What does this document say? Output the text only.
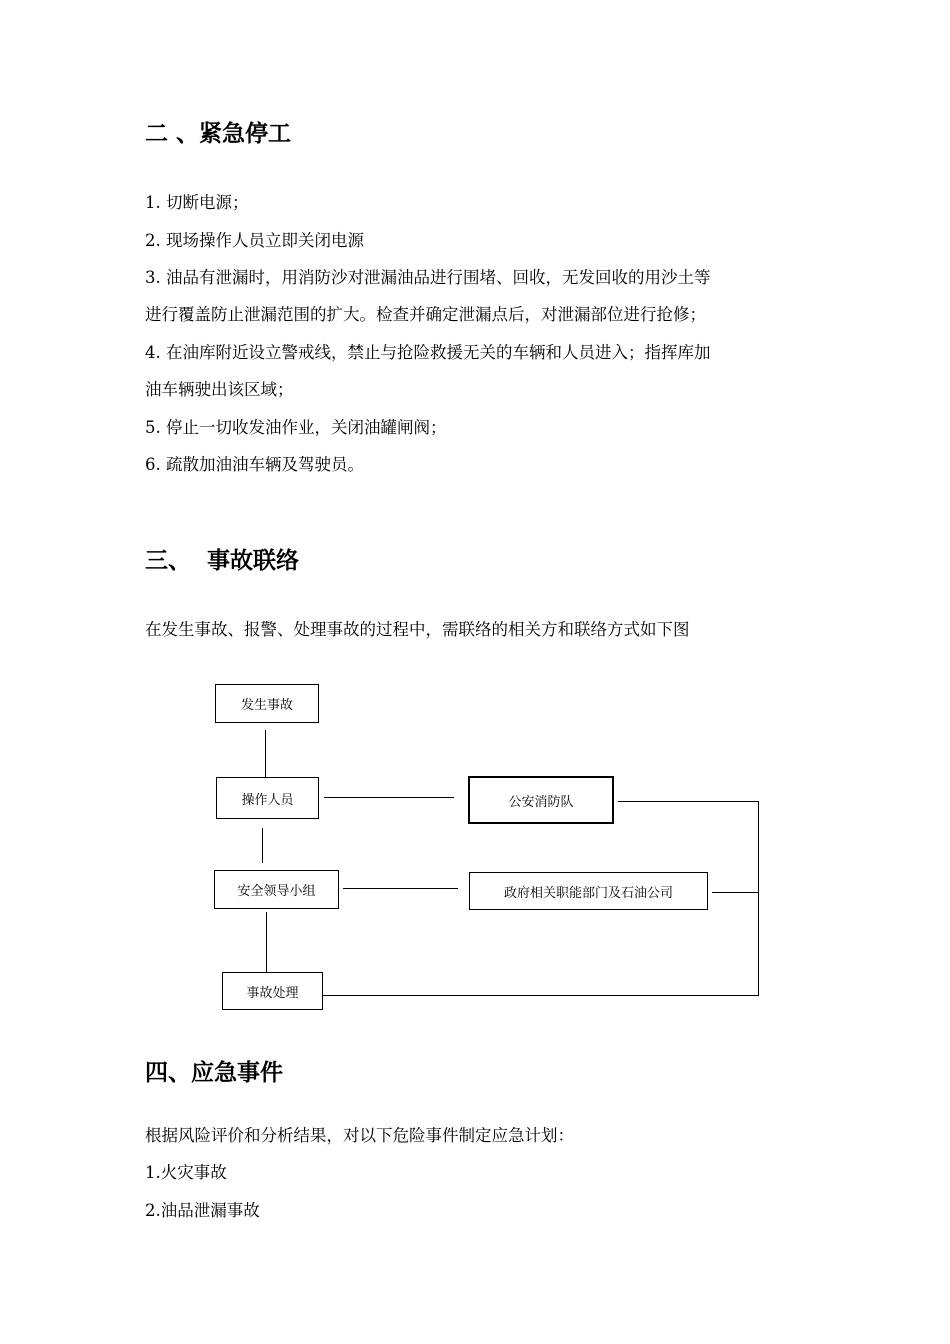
二 、紧急停工

1. 切断电源；

2. 现场操作人员立即关闭电源

3. 油品有泄漏时，用消防沙对泄漏油品进行围堵、回收，无发回收的用沙土等

进行覆盖防止泄漏范围的扩大。检查并确定泄漏点后，对泄漏部位进行抢修；

4. 在油库附近设立警戒线，禁止与抢险救援无关的车辆和人员进入；指挥库加

油车辆驶出该区域；

5. 停止一切收发油作业，关闭油罐闸阀；

6. 疏散加油油车辆及驾驶员。

三、  事故联络

在发生事故、报警、处理事故的过程中，需联络的相关方和联络方式如下图

发生事故
操作人员	公安消防队
安全领导小组	政府相关职能部门及石油公司
事故处理
四、应急事件

根据风险评价和分析结果，对以下危险事件制定应急计划：

1.火灾事故

2.油品泄漏事故
